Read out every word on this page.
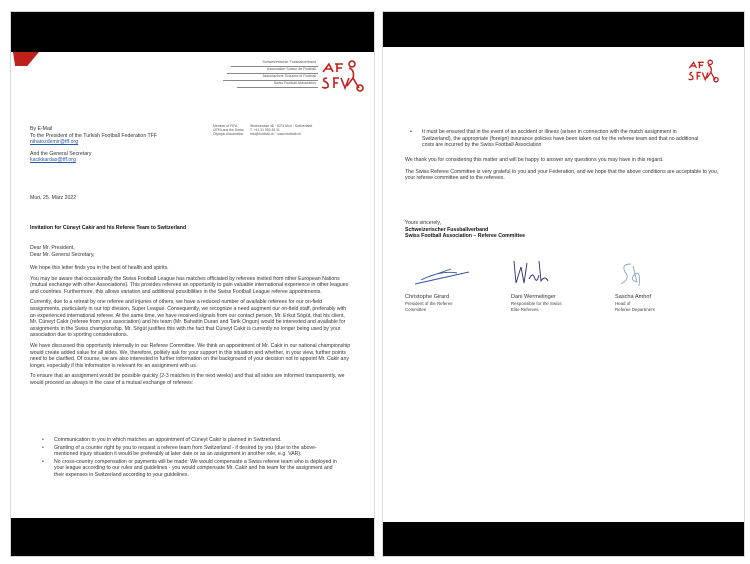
Schweizerischer Fussballverband
Association Suisse de Football
Associazione Svizzera di Football
Swiss Football Association
Member of FIFA,
UEFA and the Swiss
Olympic Association
Worbstrasse 48 · 3074 Muri · Switzerland
T. +41 31 950 81 11
info@football.ch · www.football.ch
By E-Mail
To the President of the Turkish Football Federation TFF
nihatozdemir@tff.org
And the General Secretary
kacikkardas@tff.org
Muri, 25. März 2022
Invitation for Cüneyt Cakir and his Referee Team to Switzerland
Dear Mr. President,
Dear Mr. General Secretary,

We hope this letter finds you in the best of health and spirits.

You may be aware that occasionally the Swiss Football League has matches officiated by referees invited from other European Nations (mutual exchange with other Associations). This provides referees an opportunity to gain valuable international experience in other leagues and countries. Furthermore, this allows variation and additional possibilities in the Swiss Football League referee appointments.

Currently, due to a retreat by one referee and injuries of others, we have a reduced number of available referees for our on-field assignments, particularly in our top division, Super League. Consequently, we recognize a need augment our on-field staff, preferably with an experienced international referee. At the same time, we have received signals from our contact person, Mr. Erkut Sögüt, that his client, Mr. Cüneyt Cakir (referee from your association) and his team (Mr. Bahattin Duran and Tarik Ongun) would be interested and available for assignments in the Swiss championship. Mr. Sögüt justifies this with the fact that Cüneyt Cakir is currently no longer being used by your association due to sporting considerations.

We have discussed this opportunity internally in our Referee Committee. We think an appointment of Mr. Cakir in our national championship would create added value for all sides. We, therefore, politely ask for your support in this situation and whether, in your view, further points need to be clarified. Of course, we are also interested in further information on the background of your decision not to appoint Mr. Cakir any longer, especially if this information is relevant for an assignment with us.

To ensure that an assignment would be possible quickly (2-3 matches in the next weeks) and that all sides are informed transparently, we would proceed as always in the case of a mutual exchange of referees:

• Communication to you in which matches an appointment of Cüneyt Cakir is planned in Switzerland.
• Granting of a counter right by you to request a referee team from Switzerland - if desired by you (due to the above-mentioned injury situation it would be preferably at later date or as an assignment in another role, e.g. VAR).
• No cross-country compensation or payments will be made: We would compensate a Swiss referee team who is deployed in your league according to our rules and guidelines - you would compensate Mr. Cakir and his team for the assignment and their expenses in Switzerland according to your guidelines.
• It must be ensured that in the event of an accident or illness (arisen in connection with the match assignment in Switzerland), the appropriate (foreign) insurance policies have been taken out for the referee team and that no additional costs are incurred by the Swiss Football Association

We thank you for considering this matter and will be happy to answer any questions you may have in this regard.

The Swiss Referee Committee is very grateful to you and your Federation, and we hope that the above conditions are acceptable to you, your referee committee and to the referees.

Yours sincerely,
Schweizerischer Fussballverband
Swiss Football Association – Referee Committee
Christophe Girard
President of the Referee
Committee
Dani Wermelinger
Responsible for the Swiss
Elite Referees
Sascha Amhof
Head of
Referee Department
